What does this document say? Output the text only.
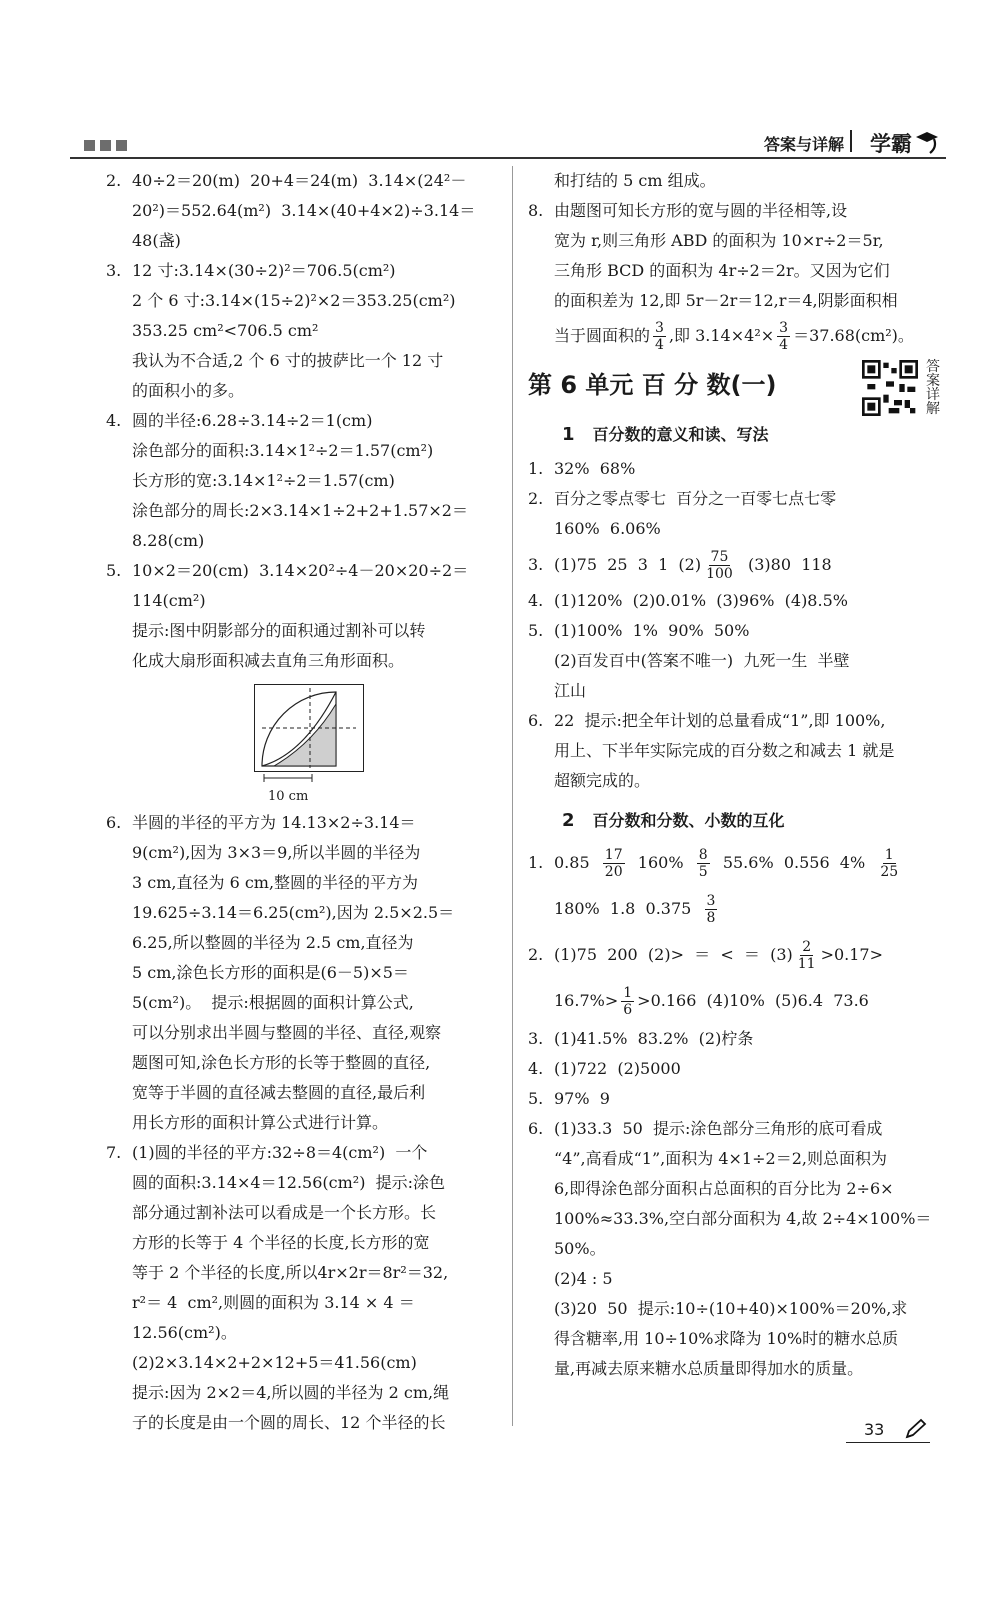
答案与详解 学霸
2. 40÷2＝20(m)  20+4＝24(m)  3.14×(24²－
20²)＝552.64(m²)  3.14×(40+4×2)÷3.14＝
48(盏)
3. 12 寸:3.14×(30÷2)²＝706.5(cm²)
2 个 6 寸:3.14×(15÷2)²×2＝353.25(cm²)
353.25 cm²<706.5 cm²
我认为不合适,2 个 6 寸的披萨比一个 12 寸
的面积小的多。
4. 圆的半径:6.28÷3.14÷2＝1(cm)
涂色部分的面积:3.14×1²÷2＝1.57(cm²)
长方形的宽:3.14×1²÷2＝1.57(cm)
涂色部分的周长:2×3.14×1÷2+2+1.57×2＝
8.28(cm)
5. 10×2＝20(cm)  3.14×20²÷4－20×20÷2＝
114(cm²)
提示:图中阴影部分的面积通过割补可以转
化成大扇形面积减去直角三角形面积。
10 cm
6. 半圆的半径的平方为 14.13×2÷3.14＝
9(cm²),因为 3×3＝9,所以半圆的半径为
3 cm,直径为 6 cm,整圆的半径的平方为
19.625÷3.14＝6.25(cm²),因为 2.5×2.5＝
6.25,所以整圆的半径为 2.5 cm,直径为
5 cm,涂色长方形的面积是(6－5)×5＝
5(cm²)。  提示:根据圆的面积计算公式,
可以分别求出半圆与整圆的半径、直径,观察
题图可知,涂色长方形的长等于整圆的直径,
宽等于半圆的直径减去整圆的直径,最后利
用长方形的面积计算公式进行计算。
7. (1)圆的半径的平方:32÷8＝4(cm²)  一个
圆的面积:3.14×4＝12.56(cm²)  提示:涂色
部分通过割补法可以看成是一个长方形。长
方形的长等于 4 个半径的长度,长方形的宽
等于 2 个半径的长度,所以4r×2r＝8r²＝32,
r²＝ 4  cm²,则圆的面积为 3.14 × 4 ＝
12.56(cm²)。
(2)2×3.14×2+2×12+5＝41.56(cm)
提示:因为 2×2＝4,所以圆的半径为 2 cm,绳
子的长度是由一个圆的周长、12 个半径的长
和打结的 5 cm 组成。
8. 由题图可知长方形的宽与圆的半径相等,设
宽为 r,则三角形 ABD 的面积为 10×r÷2＝5r,
三角形 BCD 的面积为 4r÷2＝2r。又因为它们
的面积差为 12,即 5r－2r＝12,r＝4,阴影面积相
当于圆面积的 $\frac{3}{4}$ ,即 $3.14\times 4^2\times \frac{3}{4} =37.68(cm^2)$。
第 6 单元 百 分 数(一)
答案详解
1 百分数的意义和读、写法
1. 32%  68%
2. 百分之零点零七  百分之一百零七点七零
160%  6.06%
3. (1)75  25  3  1  $(2) \frac{75}{100} (3)80$  118
4. (1)120%  (2)0.01%  (3)96%  (4)8.5%
5. (1)100%  1%  90%  50%
(2)百发百中(答案不唯一)  九死一生  半壁
江山
6. 22  提示:把全年计划的总量看成“1”,即 100%,
用上、下半年实际完成的百分数之和减去 1 就是
超额完成的。
2 百分数和分数、小数的互化
1. $0.85 \frac{17}{20} 160\% \frac{8}{5} 55.6\%$  0.556  $4\% \frac{1}{25}$
180%  1.8  $0.375 \frac{3}{8}$
2. (1)75  200  (2)>  ＝  <  ＝  $(3) \frac{2}{11} >0.17>$
$16.7\%> \frac{1}{6} >0.166$  (4)10%  (5)6.4  73.6
3. (1)41.5%  83.2%  (2)柠条
4. (1)722  (2)5000
5. 97%  9
6. (1)33.3  50  提示:涂色部分三角形的底可看成
“4”,高看成“1”,面积为 4×1÷2＝2,则总面积为
6,即得涂色部分面积占总面积的百分比为 2÷6×
100%≈33.3%,空白部分面积为 4,故 2÷4×100%＝
50%。
(2)4 : 5
(3)20  50  提示:10÷(10+40)×100%＝20%,求
得含糖率,用 10÷10%求降为 10%时的糖水总质
量,再减去原来糖水总质量即得加水的质量。
33
